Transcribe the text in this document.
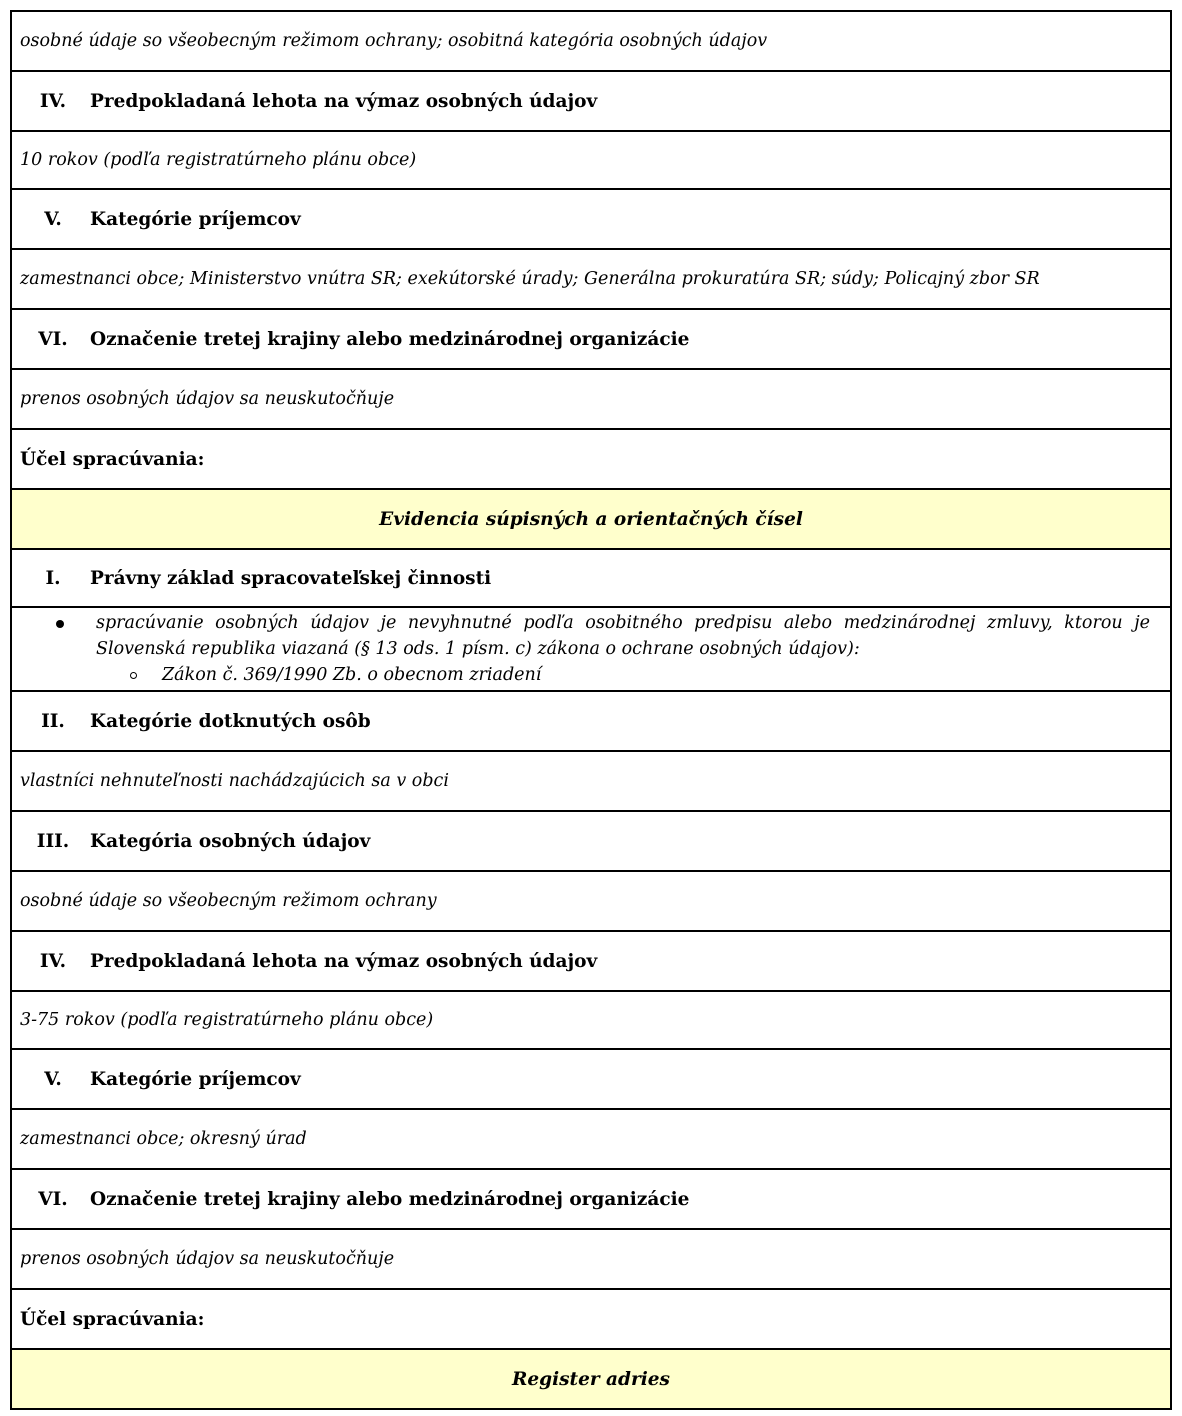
osobné údaje so všeobecným režimom ochrany; osobitná kategória osobných údajov
IV.	Predpokladaná lehota na výmaz osobných údajov
10 rokov (podľa registratúrneho plánu obce)
V.	Kategórie príjemcov
zamestnanci obce; Ministerstvo vnútra SR; exekútorské úrady; Generálna prokuratúra SR; súdy; Policajný zbor SR
VI.	Označenie tretej krajiny alebo medzinárodnej organizácie
prenos osobných údajov sa neuskutočňuje
Účel spracúvania:
Evidencia súpisných a orientačných čísel
I.	Právny základ spracovateľskej činnosti
spracúvanie osobných údajov je nevyhnutné podľa osobitného predpisu alebo medzinárodnej zmluvy, ktorou je Slovenská republika viazaná (§ 13 ods. 1 písm. c) zákona o ochrane osobných údajov):
Zákon č. 369/1990 Zb. o obecnom zriadení
II.	Kategórie dotknutých osôb
vlastníci nehnuteľnosti nachádzajúcich sa v obci
III.	Kategória osobných údajov
osobné údaje so všeobecným režimom ochrany
IV.	Predpokladaná lehota na výmaz osobných údajov
3-75 rokov (podľa registratúrneho plánu obce)
V.	Kategórie príjemcov
zamestnanci obce; okresný úrad
VI.	Označenie tretej krajiny alebo medzinárodnej organizácie
prenos osobných údajov sa neuskutočňuje
Účel spracúvania:
Register adries
